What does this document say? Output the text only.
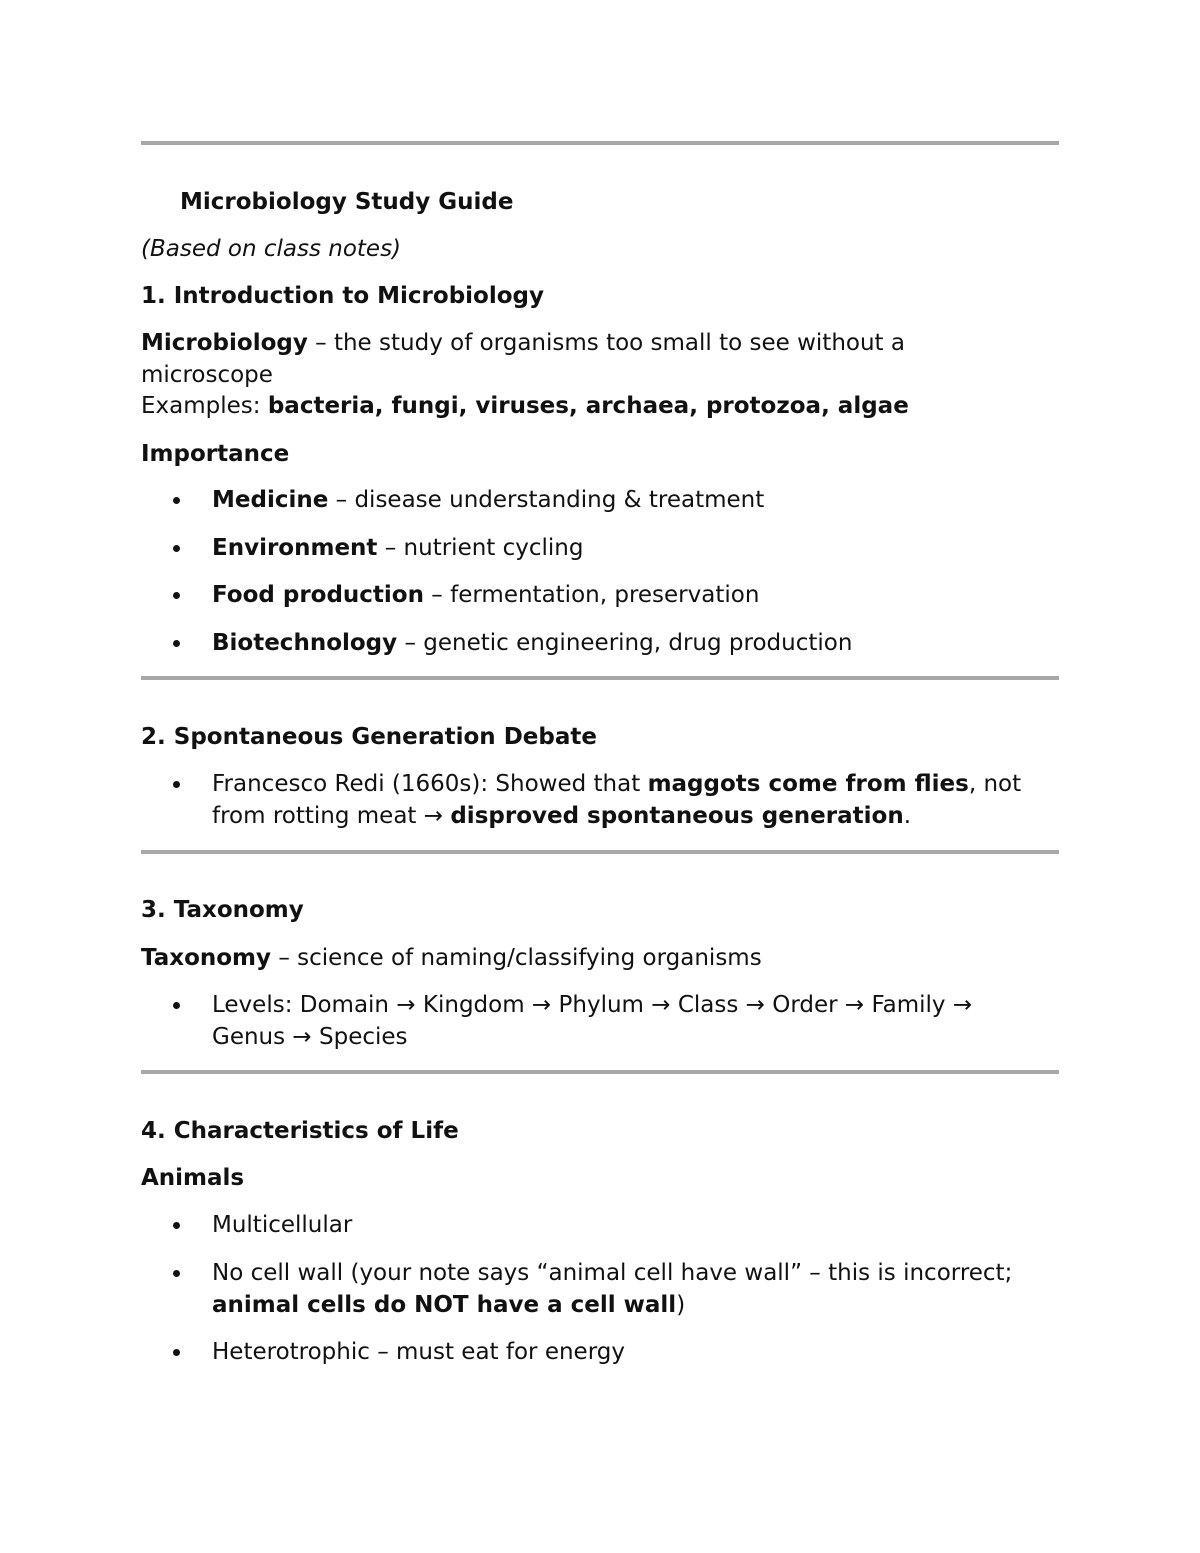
Microbiology Study Guide
(Based on class notes)
1. Introduction to Microbiology
Microbiology – the study of organisms too small to see without a
microscope
Examples: bacteria, fungi, viruses, archaea, protozoa, algae
Importance
Medicine – disease understanding & treatment
Environment – nutrient cycling
Food production – fermentation, preservation
Biotechnology – genetic engineering, drug production
2. Spontaneous Generation Debate
Francesco Redi (1660s): Showed that maggots come from flies, not
from rotting meat → disproved spontaneous generation.
3. Taxonomy
Taxonomy – science of naming/classifying organisms
Levels: Domain → Kingdom → Phylum → Class → Order → Family →
Genus → Species
4. Characteristics of Life
Animals
Multicellular
No cell wall (your note says “animal cell have wall” – this is incorrect;
animal cells do NOT have a cell wall)
Heterotrophic – must eat for energy
